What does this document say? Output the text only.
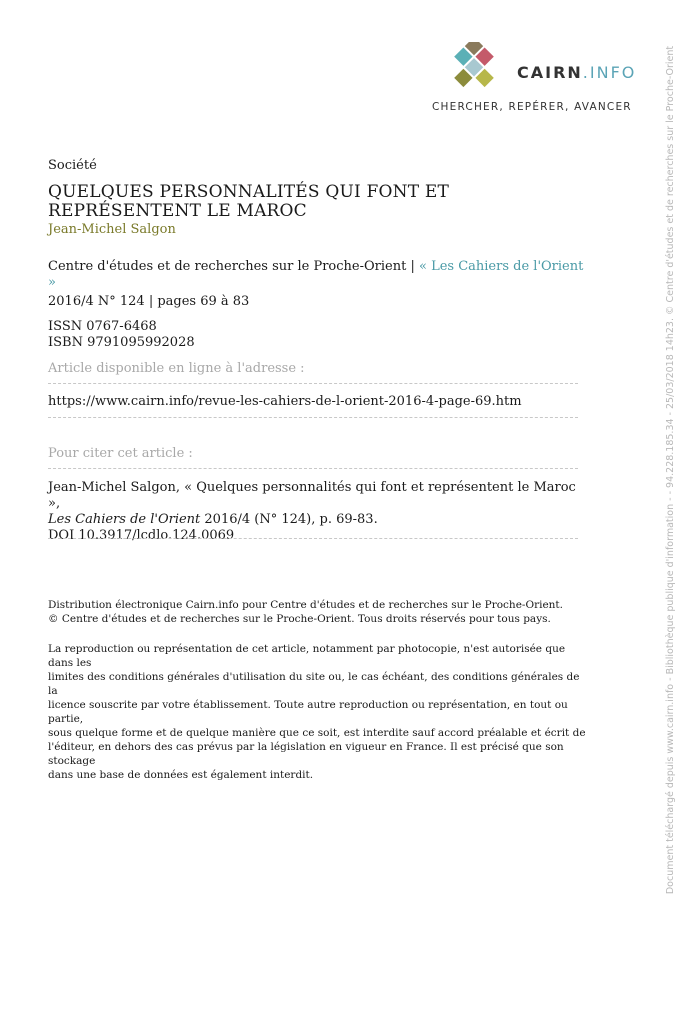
CAIRN.INFO
CHERCHER, REPÉRER, AVANCER	Document téléchargé depuis www.cairn.info - Bibliothèque publique d'information - - 94.228.185.34 - 25/03/2018 14h23. © Centre d'études et de recherches sur le Proche-Orient
Société
QUELQUES PERSONNALITÉS QUI FONT ET REPRÉSENTENT LE MAROC
Jean-Michel Salgon
Centre d'études et de recherches sur le Proche-Orient | « Les Cahiers de l'Orient »
2016/4 N° 124 | pages 69 à 83
ISSN 0767-6468
ISBN 9791095992028
Article disponible en ligne à l'adresse :
https://www.cairn.info/revue-les-cahiers-de-l-orient-2016-4-page-69.htm
Pour citer cet article :
Jean-Michel Salgon, « Quelques personnalités qui font et représentent le Maroc »,
Les Cahiers de l'Orient 2016/4 (N° 124), p. 69-83.
DOI 10.3917/lcdlo.124.0069
Distribution électronique Cairn.info pour Centre d'études et de recherches sur le Proche-Orient.
© Centre d'études et de recherches sur le Proche-Orient. Tous droits réservés pour tous pays.

La reproduction ou représentation de cet article, notamment par photocopie, n'est autorisée que dans les

limites des conditions générales d'utilisation du site ou, le cas échéant, des conditions générales de la

licence souscrite par votre établissement. Toute autre reproduction ou représentation, en tout ou partie,

sous quelque forme et de quelque manière que ce soit, est interdite sauf accord préalable et écrit de

l'éditeur, en dehors des cas prévus par la législation en vigueur en France. Il est précisé que son stockage

dans une base de données est également interdit.
